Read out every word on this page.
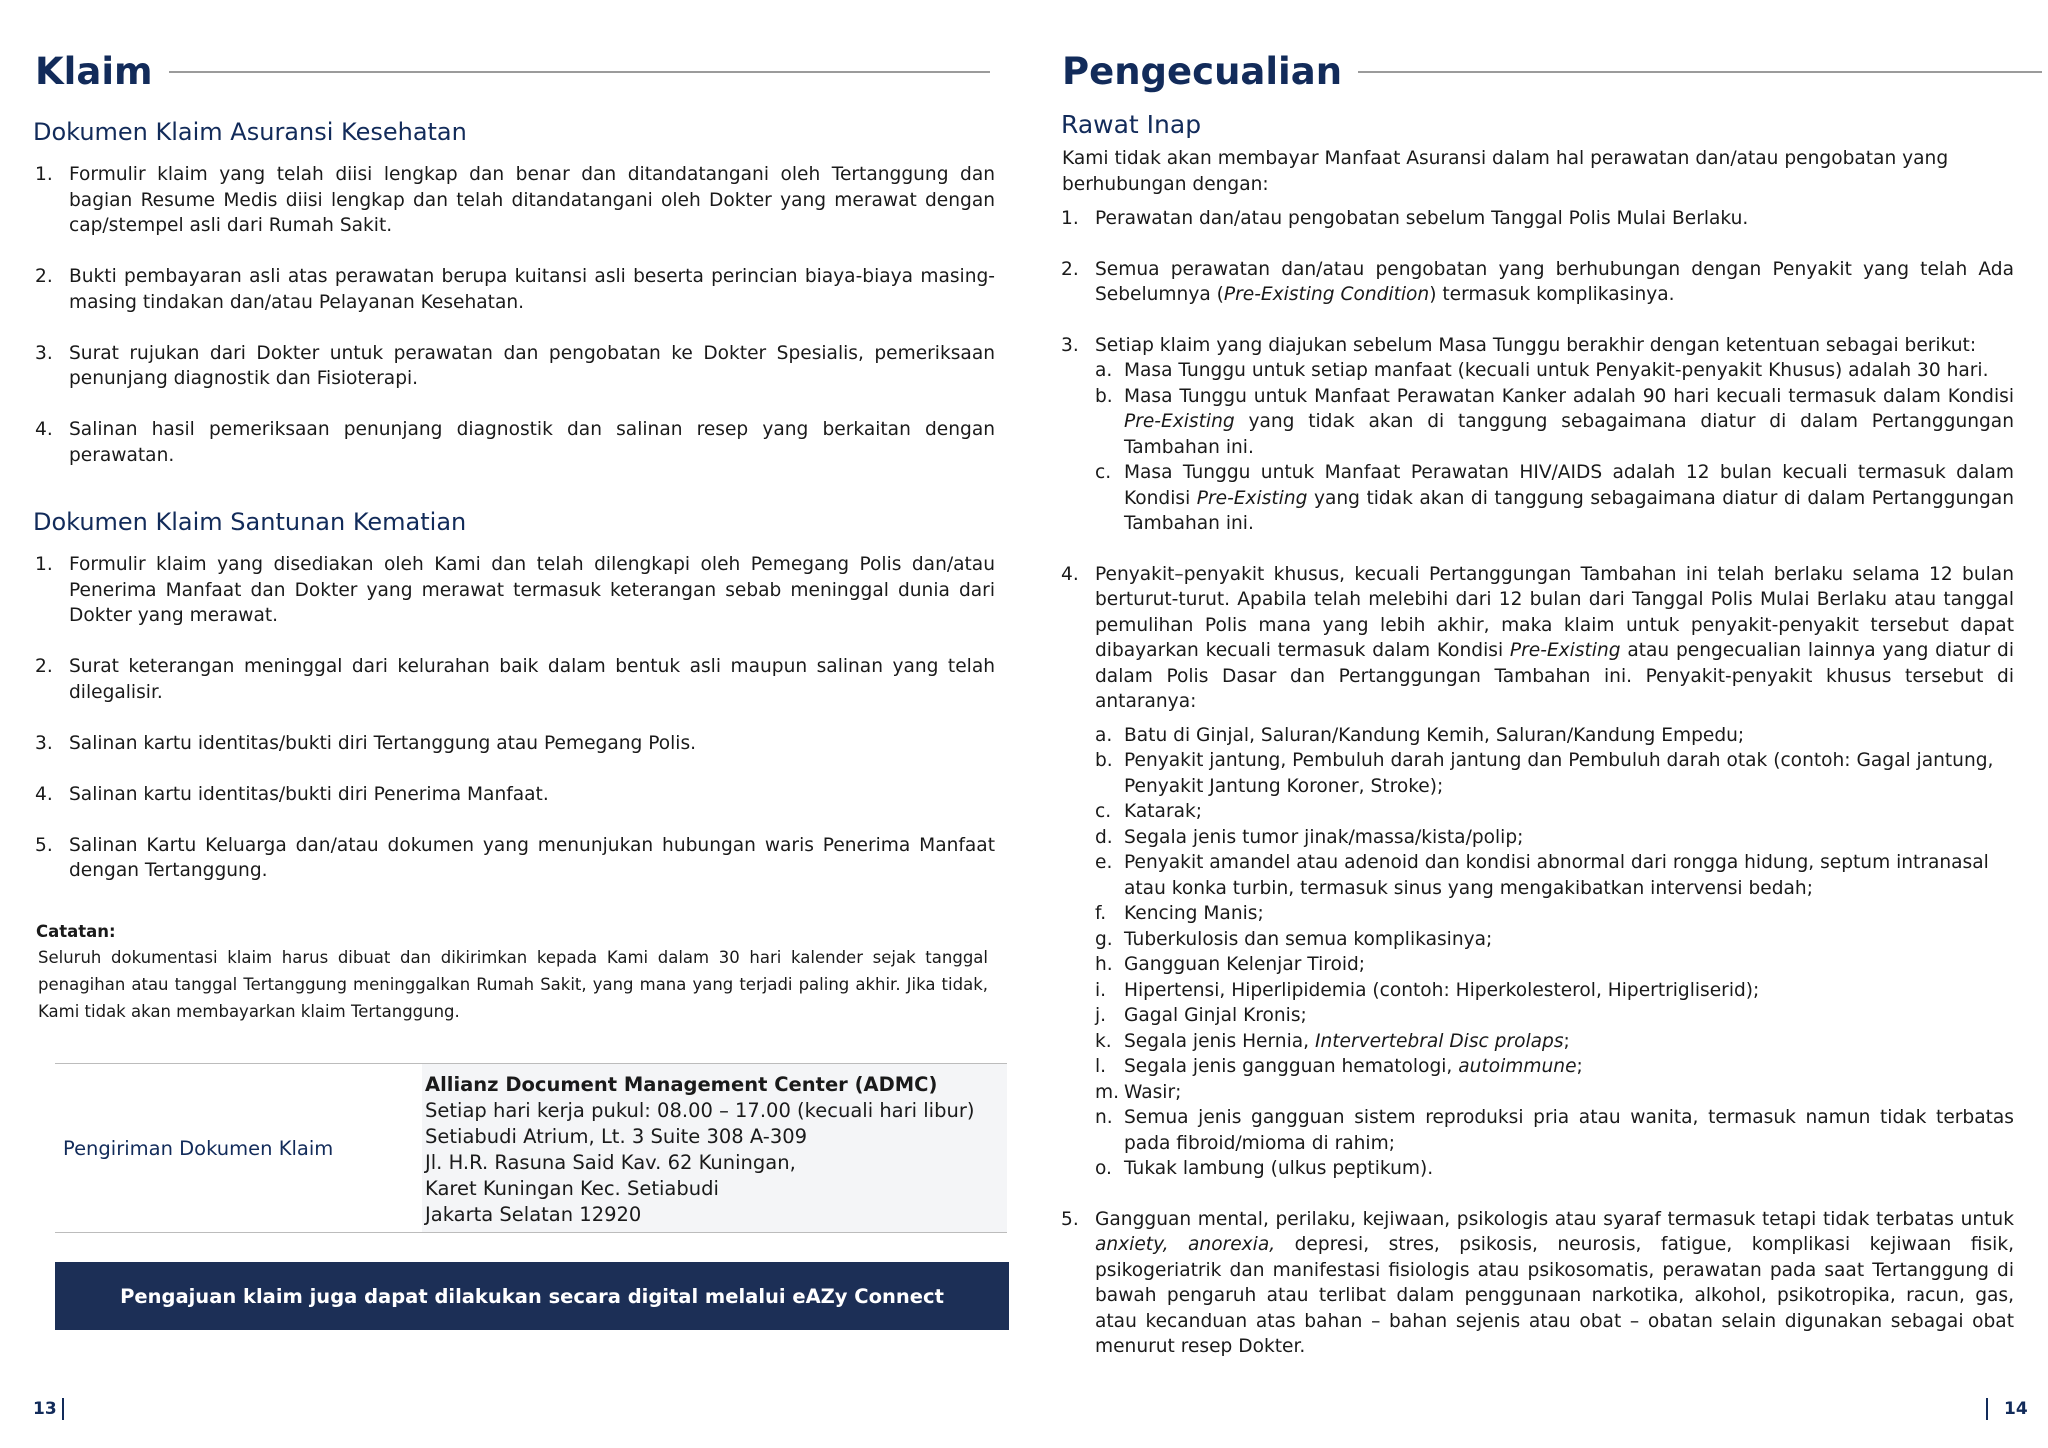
Klaim
Dokumen Klaim Asuransi Kesehatan
1. Formulir klaim yang telah diisi lengkap dan benar dan ditandatangani oleh Tertanggung dan bagian Resume Medis diisi lengkap dan telah ditandatangani oleh Dokter yang merawat dengan cap/stempel asli dari Rumah Sakit.
2. Bukti pembayaran asli atas perawatan berupa kuitansi asli beserta perincian biaya-biaya masing-masing tindakan dan/atau Pelayanan Kesehatan.
3. Surat rujukan dari Dokter untuk perawatan dan pengobatan ke Dokter Spesialis, pemeriksaan penunjang diagnostik dan Fisioterapi.
4. Salinan hasil pemeriksaan penunjang diagnostik dan salinan resep yang berkaitan dengan perawatan.
Dokumen Klaim Santunan Kematian
1. Formulir klaim yang disediakan oleh Kami dan telah dilengkapi oleh Pemegang Polis dan/atau Penerima Manfaat dan Dokter yang merawat termasuk keterangan sebab meninggal dunia dari Dokter yang merawat.
2. Surat keterangan meninggal dari kelurahan baik dalam bentuk asli maupun salinan yang telah dilegalisir.
3. Salinan kartu identitas/bukti diri Tertanggung atau Pemegang Polis.
4. Salinan kartu identitas/bukti diri Penerima Manfaat.
5. Salinan Kartu Keluarga dan/atau dokumen yang menunjukan hubungan waris Penerima Manfaat dengan Tertanggung.
Catatan:
Seluruh dokumentasi klaim harus dibuat dan dikirimkan kepada Kami dalam 30 hari kalender sejak tanggal penagihan atau tanggal Tertanggung meninggalkan Rumah Sakit, yang mana yang terjadi paling akhir. Jika tidak, Kami tidak akan membayarkan klaim Tertanggung.
Pengiriman Dokumen Klaim
Allianz Document Management Center (ADMC)
Setiap hari kerja pukul: 08.00 – 17.00 (kecuali hari libur)
Setiabudi Atrium, Lt. 3 Suite 308 A-309
Jl. H.R. Rasuna Said Kav. 62 Kuningan,
Karet Kuningan Kec. Setiabudi
Jakarta Selatan 12920
Pengajuan klaim juga dapat dilakukan secara digital melalui eAZy Connect
13
Pengecualian
Rawat Inap
Kami tidak akan membayar Manfaat Asuransi dalam hal perawatan dan/atau pengobatan yang berhubungan dengan:
1. Perawatan dan/atau pengobatan sebelum Tanggal Polis Mulai Berlaku.
2. Semua perawatan dan/atau pengobatan yang berhubungan dengan Penyakit yang telah Ada Sebelumnya (Pre-Existing Condition) termasuk komplikasinya.
3. Setiap klaim yang diajukan sebelum Masa Tunggu berakhir dengan ketentuan sebagai berikut:
a. Masa Tunggu untuk setiap manfaat (kecuali untuk Penyakit-penyakit Khusus) adalah 30 hari.
b. Masa Tunggu untuk Manfaat Perawatan Kanker adalah 90 hari kecuali termasuk dalam Kondisi Pre-Existing yang tidak akan di tanggung sebagaimana diatur di dalam Pertanggungan Tambahan ini.
c. Masa Tunggu untuk Manfaat Perawatan HIV/AIDS adalah 12 bulan kecuali termasuk dalam Kondisi Pre-Existing yang tidak akan di tanggung sebagaimana diatur di dalam Pertanggungan Tambahan ini.
4. Penyakit–penyakit khusus, kecuali Pertanggungan Tambahan ini telah berlaku selama 12 bulan berturut-turut. Apabila telah melebihi dari 12 bulan dari Tanggal Polis Mulai Berlaku atau tanggal pemulihan Polis mana yang lebih akhir, maka klaim untuk penyakit-penyakit tersebut dapat dibayarkan kecuali termasuk dalam Kondisi Pre-Existing atau pengecualian lainnya yang diatur di dalam Polis Dasar dan Pertanggungan Tambahan ini. Penyakit-penyakit khusus tersebut di antaranya:
a. Batu di Ginjal, Saluran/Kandung Kemih, Saluran/Kandung Empedu;
b. Penyakit jantung, Pembuluh darah jantung dan Pembuluh darah otak (contoh: Gagal jantung, Penyakit Jantung Koroner, Stroke);
c. Katarak;
d. Segala jenis tumor jinak/massa/kista/polip;
e. Penyakit amandel atau adenoid dan kondisi abnormal dari rongga hidung, septum intranasal atau konka turbin, termasuk sinus yang mengakibatkan intervensi bedah;
f. Kencing Manis;
g. Tuberkulosis dan semua komplikasinya;
h. Gangguan Kelenjar Tiroid;
i. Hipertensi, Hiperlipidemia (contoh: Hiperkolesterol, Hipertrigliserid);
j. Gagal Ginjal Kronis;
k. Segala jenis Hernia, Intervertebral Disc prolaps;
l. Segala jenis gangguan hematologi, autoimmune;
m. Wasir;
n. Semua jenis gangguan sistem reproduksi pria atau wanita, termasuk namun tidak terbatas pada fibroid/mioma di rahim;
o. Tukak lambung (ulkus peptikum).
5. Gangguan mental, perilaku, kejiwaan, psikologis atau syaraf termasuk tetapi tidak terbatas untuk anxiety, anorexia, depresi, stres, psikosis, neurosis, fatigue, komplikasi kejiwaan fisik, psikogeriatrik dan manifestasi fisiologis atau psikosomatis, perawatan pada saat Tertanggung di bawah pengaruh atau terlibat dalam penggunaan narkotika, alkohol, psikotropika, racun, gas, atau kecanduan atas bahan – bahan sejenis atau obat – obatan selain digunakan sebagai obat menurut resep Dokter.
14
